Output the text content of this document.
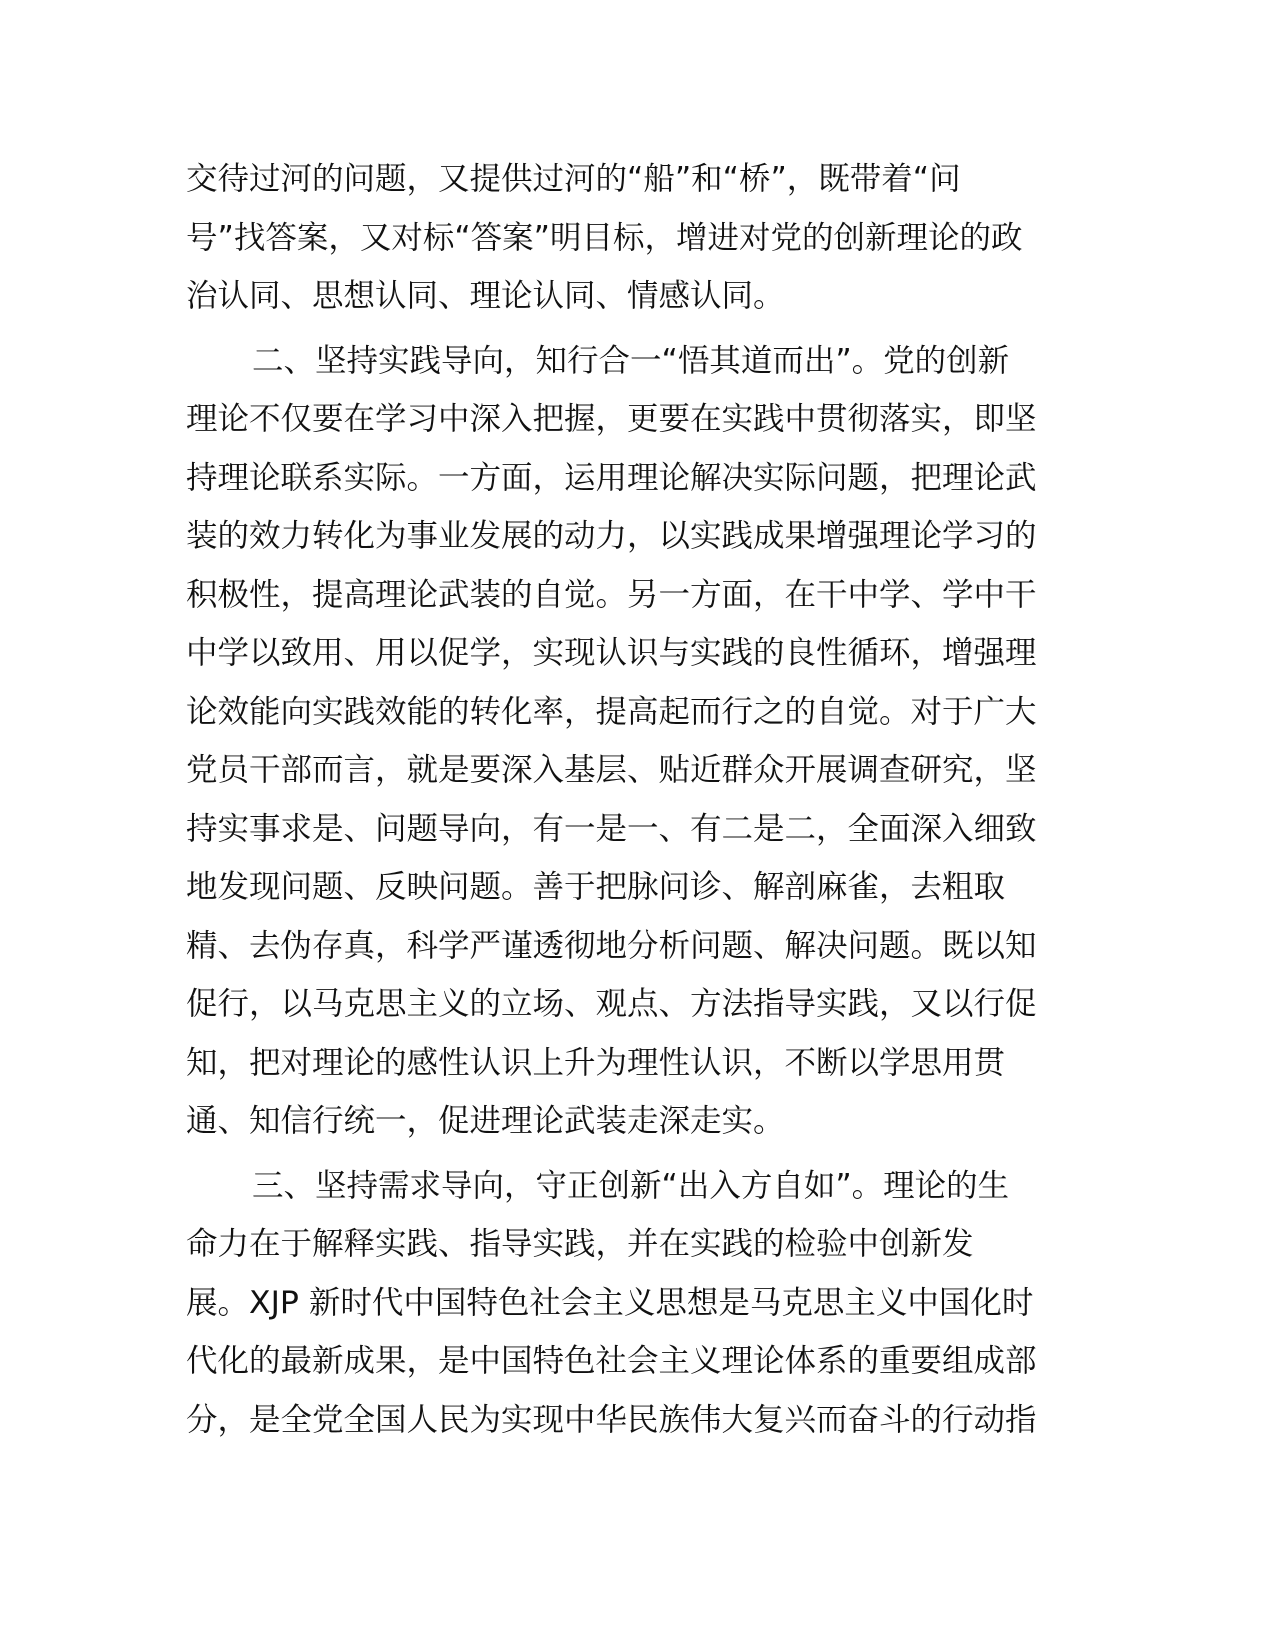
交待过河的问题，又提供过河的“船”和“桥”，既带着“问
号”找答案，又对标“答案”明目标，增进对党的创新理论的政
治认同、思想认同、理论认同、情感认同。
二、坚持实践导向，知行合一“悟其道而出”。党的创新
理论不仅要在学习中深入把握，更要在实践中贯彻落实，即坚
持理论联系实际。一方面，运用理论解决实际问题，把理论武
装的效力转化为事业发展的动力，以实践成果增强理论学习的
积极性，提高理论武装的自觉。另一方面，在干中学、学中干
中学以致用、用以促学，实现认识与实践的良性循环，增强理
论效能向实践效能的转化率，提高起而行之的自觉。对于广大
党员干部而言，就是要深入基层、贴近群众开展调查研究，坚
持实事求是、问题导向，有一是一、有二是二，全面深入细致
地发现问题、反映问题。善于把脉问诊、解剖麻雀，去粗取
精、去伪存真，科学严谨透彻地分析问题、解决问题。既以知
促行，以马克思主义的立场、观点、方法指导实践，又以行促
知，把对理论的感性认识上升为理性认识，不断以学思用贯
通、知信行统一，促进理论武装走深走实。
三、坚持需求导向，守正创新“出入方自如”。理论的生
命力在于解释实践、指导实践，并在实践的检验中创新发
展。XJP 新时代中国特色社会主义思想是马克思主义中国化时
代化的最新成果，是中国特色社会主义理论体系的重要组成部
分，是全党全国人民为实现中华民族伟大复兴而奋斗的行动指
